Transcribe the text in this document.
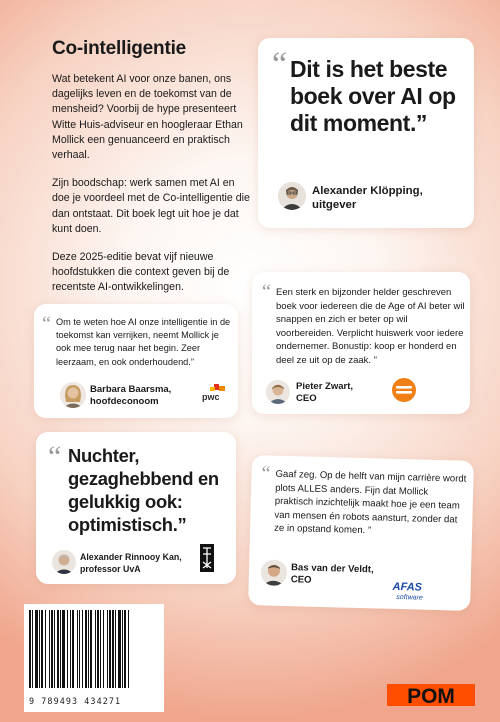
Co-intelligentie

Wat betekent AI voor onze banen, ons dagelijks leven en de toekomst van de mensheid? Voorbij de hype presenteert Witte Huis-adviseur en hoogleraar Ethan Mollick een genuanceerd en praktisch verhaal.

Zijn boodschap: werk samen met AI en doe je voordeel met de Co-intelligentie die dan ontstaat. Dit boek legt uit hoe je dat kunt doen.

Deze 2025-editie bevat vijf nieuwe hoofdstukken die context geven bij de recentste AI-ontwikkelingen.

“ Dit is het beste boek over AI op dit moment.”
Alexander Klöpping,
uitgever
“ Een sterk en bijzonder helder geschreven boek voor iedereen die de Age of AI beter wil snappen en zich er beter op wil voorbereiden. Verplicht huiswerk voor iedere ondernemer. Bonustip: koop er honderd en deel ze uit op de zaak. ”
Pieter Zwart,
CEO
“ Om te weten hoe AI onze intelligentie in de toekomst kan verrijken, neemt Mollick je ook mee terug naar het begin. Zeer leerzaam, en ook onderhoudend.”
Barbara Baarsma,
hoofdeconoom	pwc
“ Nuchter, gezaghebbend en gelukkig ook: optimistisch.”
Alexander Rinnooy Kan,
professor UvA
“ Gaaf zeg. Op de helft van mijn carrière wordt plots ALLES anders. Fijn dat Mollick praktisch inzichtelijk maakt hoe je een team van mensen én robots aansturt, zonder dat ze in opstand komen. ”
Bas van der Veldt,
CEO
AFAS
software
9 789493 434271	POM
